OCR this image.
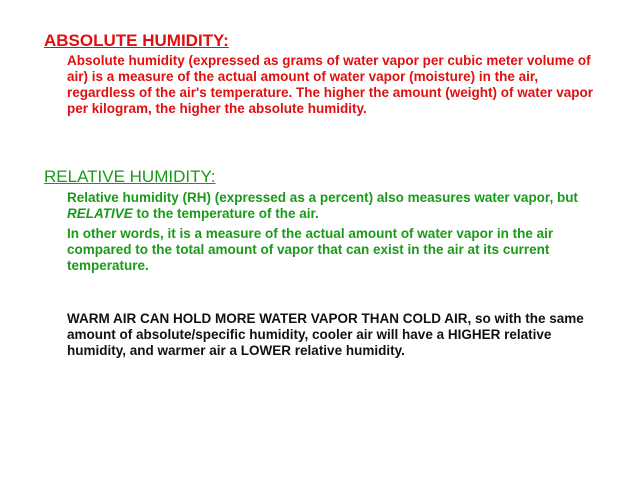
ABSOLUTE HUMIDITY:

Absolute humidity (expressed as grams of water vapor per cubic meter volume of air) is a measure of the actual amount of water vapor (moisture) in the air, regardless of the air's temperature. The higher the amount (weight) of water vapor per kilogram, the higher the absolute humidity.

RELATIVE HUMIDITY:

Relative humidity (RH) (expressed as a percent) also measures water vapor, but RELATIVE to the temperature of the air.

In other words, it is a measure of the actual amount of water vapor in the air compared to the total amount of vapor that can exist in the air at its current temperature.

WARM AIR CAN HOLD MORE WATER VAPOR THAN COLD AIR, so with the same amount of absolute/specific humidity, cooler air will have a HIGHER relative humidity, and warmer air a LOWER relative humidity.
